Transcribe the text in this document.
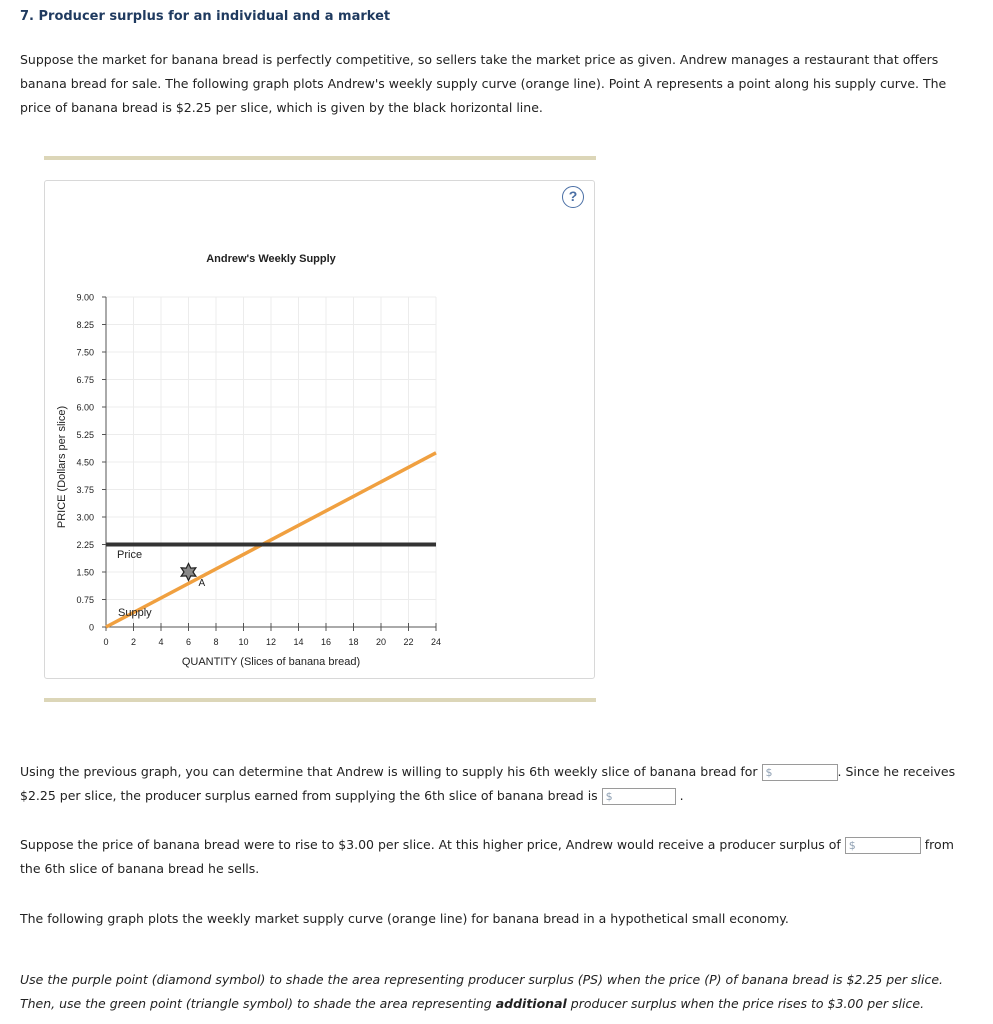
7. Producer surplus for an individual and a market

Suppose the market for banana bread is perfectly competitive, so sellers take the market price as given. Andrew manages a restaurant that offers banana bread for sale. The following graph plots Andrew's weekly supply curve (orange line). Point A represents a point along his supply curve. The price of banana bread is $2.25 per slice, which is given by the black horizontal line.

?
Andrew's Weekly Supply
PRICE (Dollars per slice)
QUANTITY (Slices of banana bread)
0
0.75
1.50
2.25
3.00
3.75
4.50
5.25
6.00
6.75
7.50
8.25
9.00
0 2 4 6 8 10 12 14 16 18 20 22 24
Price
Supply
A

Using the previous graph, you can determine that Andrew is willing to supply his 6th weekly slice of banana bread for $	. Since he receives $2.25 per slice, the producer surplus earned from supplying the 6th slice of banana bread is $	.

Suppose the price of banana bread were to rise to $3.00 per slice. At this higher price, Andrew would receive a producer surplus of $	from the 6th slice of banana bread he sells.

The following graph plots the weekly market supply curve (orange line) for banana bread in a hypothetical small economy.

Use the purple point (diamond symbol) to shade the area representing producer surplus (PS) when the price (P) of banana bread is $2.25 per slice. Then, use the green point (triangle symbol) to shade the area representing additional producer surplus when the price rises to $3.00 per slice.
